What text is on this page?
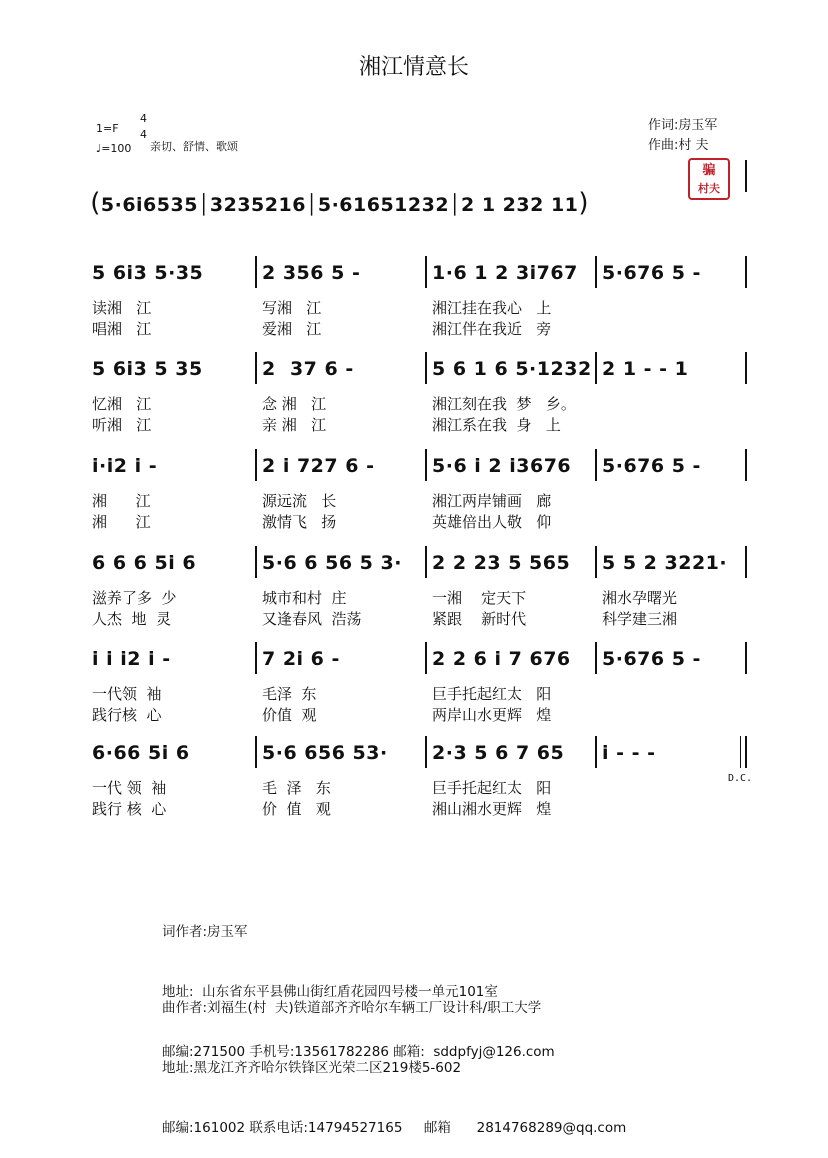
湘江情意长
作词:房玉军
作曲:村 夫
1=F
4
4
♩=100 亲切、舒情、歌颂
骗
村夫

(5·6i6535│3235216│5·61651232│2 1 232 11)

5 6i3 5·35
读湘   江
唱湘   江
2 356 5 -
写湘   江
爱湘   江
1·6 1 2 3i767
湘江挂在我心   上
湘江伴在我近   旁
5·676 5 -
5 6i3 5 35
忆湘   江
听湘   江
2  37 6 -
念 湘   江
亲 湘   江
5 6 1 6 5·1232
湘江刻在我  梦   乡。
湘江系在我  身   上
2 1 - - 1
i·i2 i -
湘      江
湘      江
2 i 727 6 -
源远流   长
激情飞   扬
5·6 i 2 i3676
湘江两岸铺画   廊
英雄倍出人敬   仰
5·676 5 -
6 6 6 5i 6
滋养了多  少
人杰  地  灵
5·6 6 56 5 3·
城市和村  庄
又逢春风  浩荡
2 2 23 5 565
一湘    定天下
紧跟    新时代
5 5 2 3221·
湘水孕曙光
科学建三湘
i i i2 i -
一代领  袖
践行核  心
7 2i 6 -
毛泽  东
价值  观
2 2 6 i 7 676
巨手托起红太   阳
两岸山水更辉   煌
5·676 5 -
6·66 5i 6
一代 领  袖
践行 核  心
5·6 656 53·
毛  泽   东
价  值   观
2·3 5 6 7 65
巨手托起红太   阳
湘山湘水更辉   煌
i - - -
D.C.

词作者:房玉军

地址:  山东省东平县佛山街红盾花园四号楼一单元101室

邮编:271500 手机号:13561782286 邮箱:  sddpfyj@126.com

曲作者:刘福生(村  夫)铁道部齐齐哈尔车辆工厂设计科/职工大学

地址:黑龙江齐齐哈尔铁锋区光荣二区219楼5-602

邮编:161002 联系电话:14794527165     邮箱      2814768289@qq.com
